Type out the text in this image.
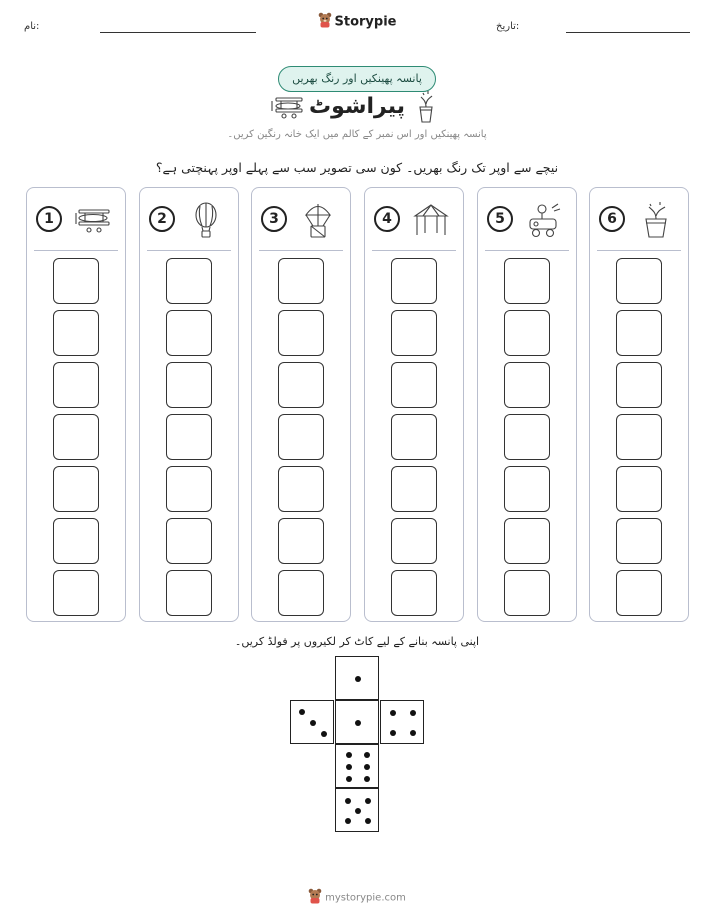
نام:	Storypie	تاریخ:
پانسہ پھینکیں اور رنگ بھریں
پیراشوٹ
پانسہ پھینکیں اور اس نمبر کے کالم میں ایک خانہ رنگین کریں۔
نیچے سے اوپر تک رنگ بھریں۔ کون سی تصویر سب سے پہلے اوپر پہنچتی ہے؟
1	2	3	4	5	6
اپنی پانسہ بنانے کے لیے کاٹ کر لکیروں پر فولڈ کریں۔
mystorypie.com
